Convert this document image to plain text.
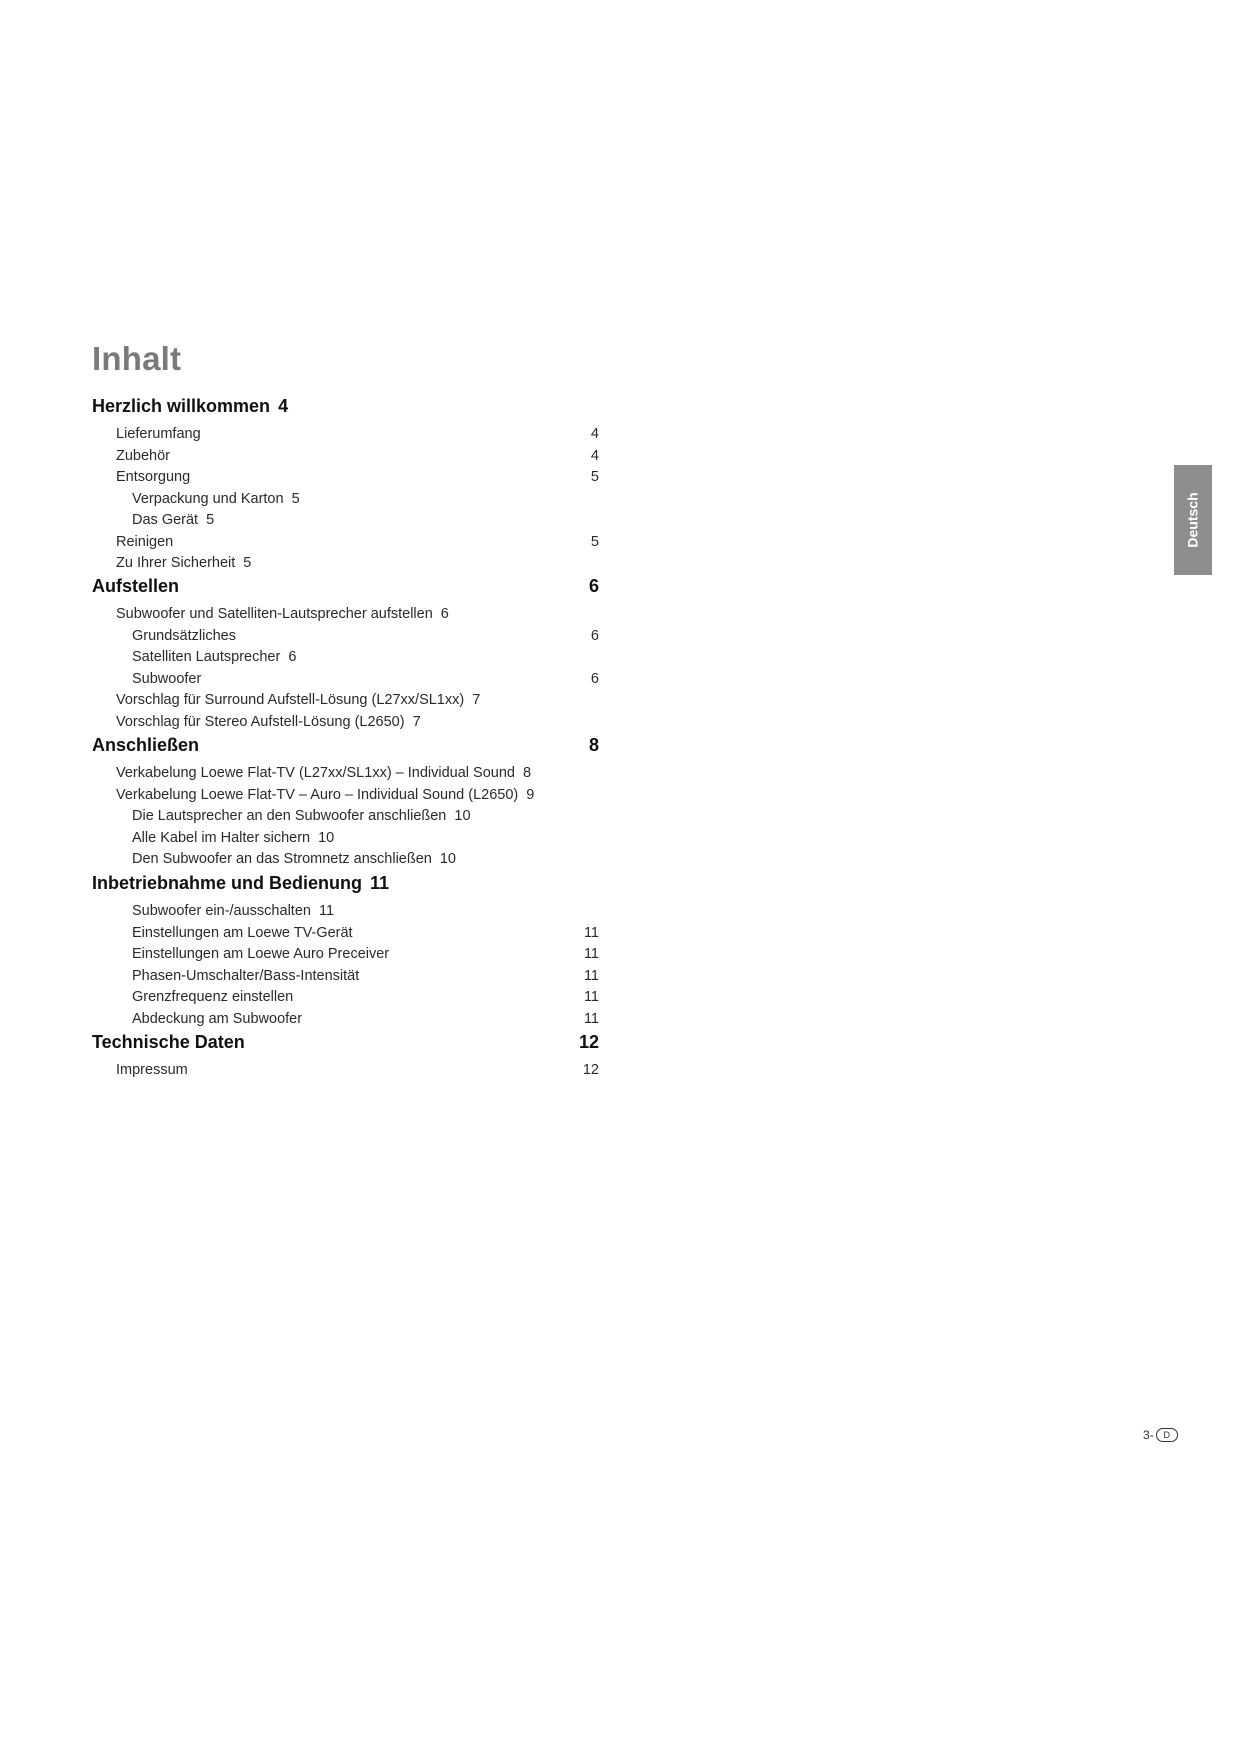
Inhalt
Herzlich willkommen 4
Lieferumfang	4
Zubehör	4
Entsorgung	5
Verpackung und Karton 5
Das Gerät 5
Reinigen	5
Zu Ihrer Sicherheit 5
Aufstellen	6
Subwoofer und Satelliten-Lautsprecher aufstellen 6
Grundsätzliches	6
Satelliten Lautsprecher 6
Subwoofer	6
Vorschlag für Surround Aufstell-Lösung (L27xx/SL1xx) 7
Vorschlag für Stereo Aufstell-Lösung (L2650) 7
Anschließen	8
Verkabelung Loewe Flat-TV (L27xx/SL1xx) – Individual Sound 8
Verkabelung Loewe Flat-TV – Auro – Individual Sound (L2650) 9
Die Lautsprecher an den Subwoofer anschließen 10
Alle Kabel im Halter sichern 10
Den Subwoofer an das Stromnetz anschließen 10
Inbetriebnahme und Bedienung 11
Subwoofer ein-/ausschalten 11
Einstellungen am Loewe TV-Gerät	11
Einstellungen am Loewe Auro Preceiver	11
Phasen-Umschalter/Bass-Intensität	11
Grenzfrequenz einstellen	11
Abdeckung am Subwoofer	11
Technische Daten	12
Impressum	12
Deutsch
3 -	D
